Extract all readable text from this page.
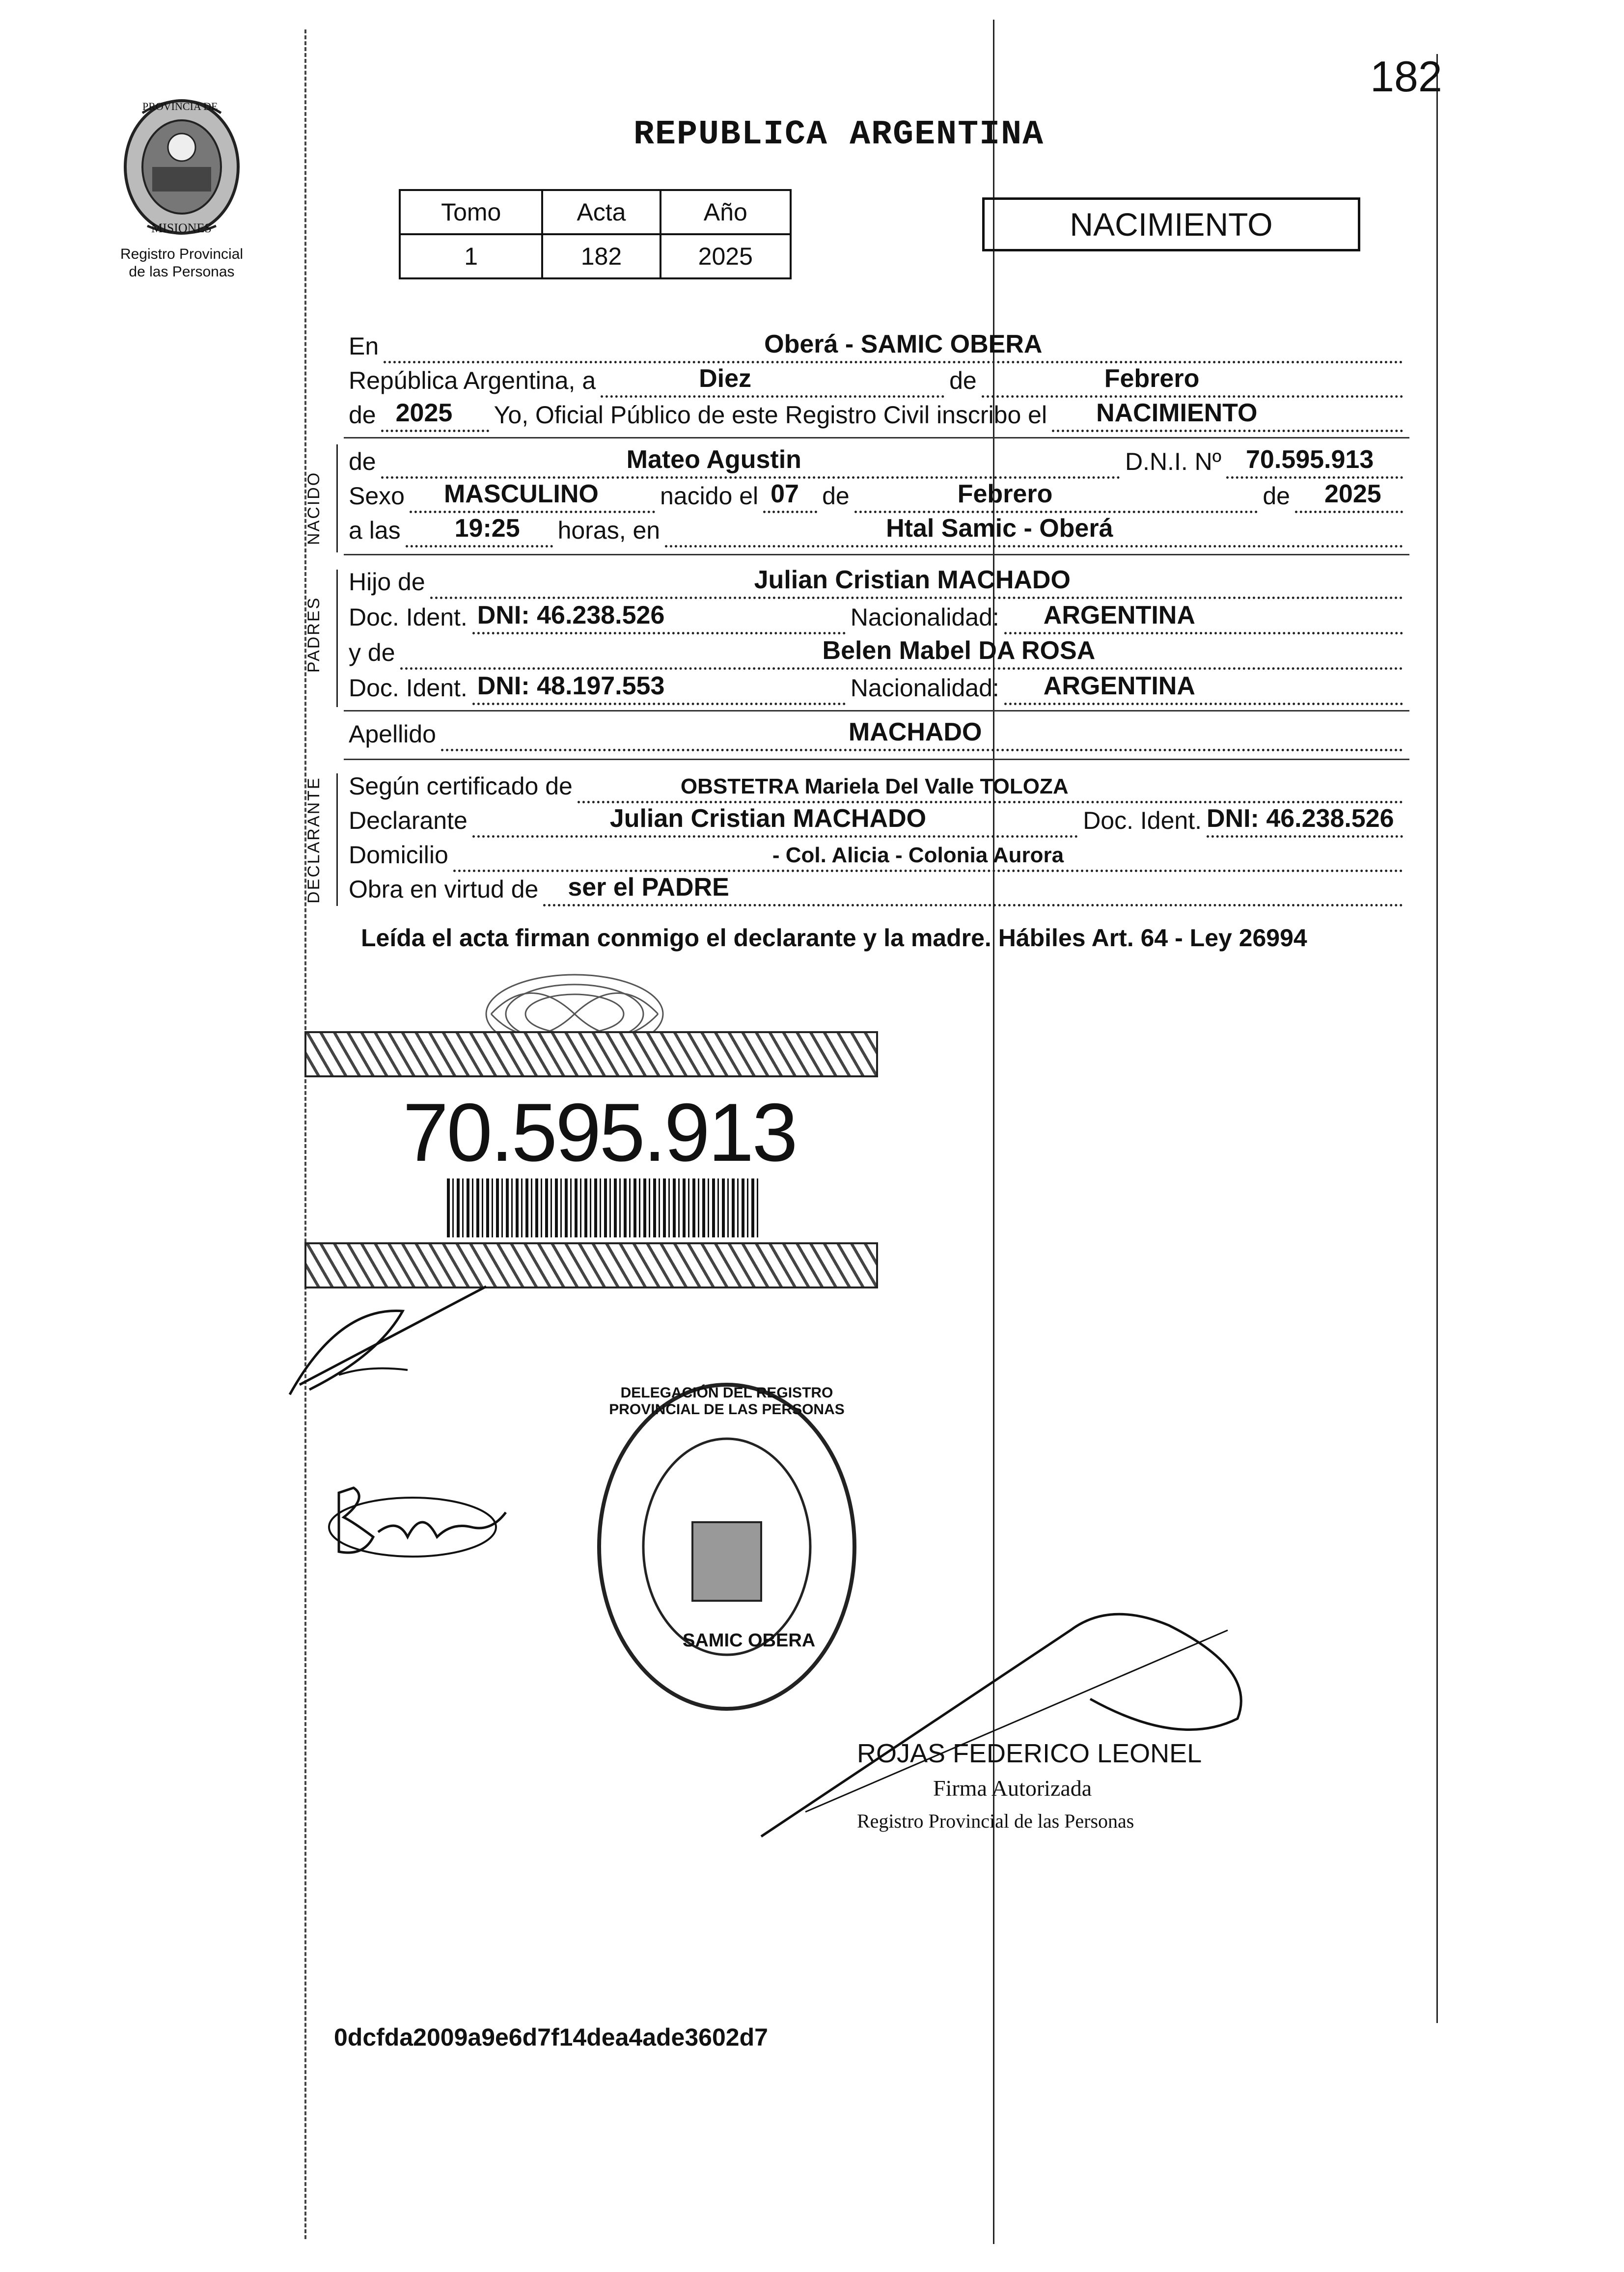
182
PROVINCIA DE
MISIONES
Registro Provincial
de las Personas
REPUBLICA ARGENTINA
Tomo	Acta	Año
1	182	2025
NACIMIENTO
NACIDO
PADRES
DECLARANTE
En	Oberá - SAMIC OBERA
República Argentina, a	Diez	de	Febrero
de 2025 Yo, Oficial Público de este Registro Civil inscribo el NACIMIENTO
de	Mateo Agustin	D.N.I. Nº 70.595.913
Sexo MASCULINO	nacido el 07 de	Febrero	de 2025
a las 19:25 horas, en	Htal Samic - Oberá
Hijo de	Julian Cristian MACHADO
Doc. Ident. DNI: 46.238.526	Nacionalidad: ARGENTINA
y de	Belen Mabel DA ROSA
Doc. Ident. DNI: 48.197.553	Nacionalidad: ARGENTINA
Apellido	MACHADO
Según certificado de	OBSTETRA Mariela Del Valle TOLOZA
Declarante	Julian Cristian MACHADO	Doc. Ident. DNI: 46.238.526
Domicilio	- Col. Alicia - Colonia Aurora
Obra en virtud de ser el PADRE
Leída el acta firman conmigo el declarante y la madre. Hábiles Art. 64 - Ley 26994
70.595.913
DELEGACIÓN DEL REGISTRO PROVINCIAL DE LAS PERSONAS
SAMIC OBERA
ROJAS FEDERICO LEONEL
Firma Autorizada
Registro Provincial de las Personas
0dcfda2009a9e6d7f14dea4ade3602d7
